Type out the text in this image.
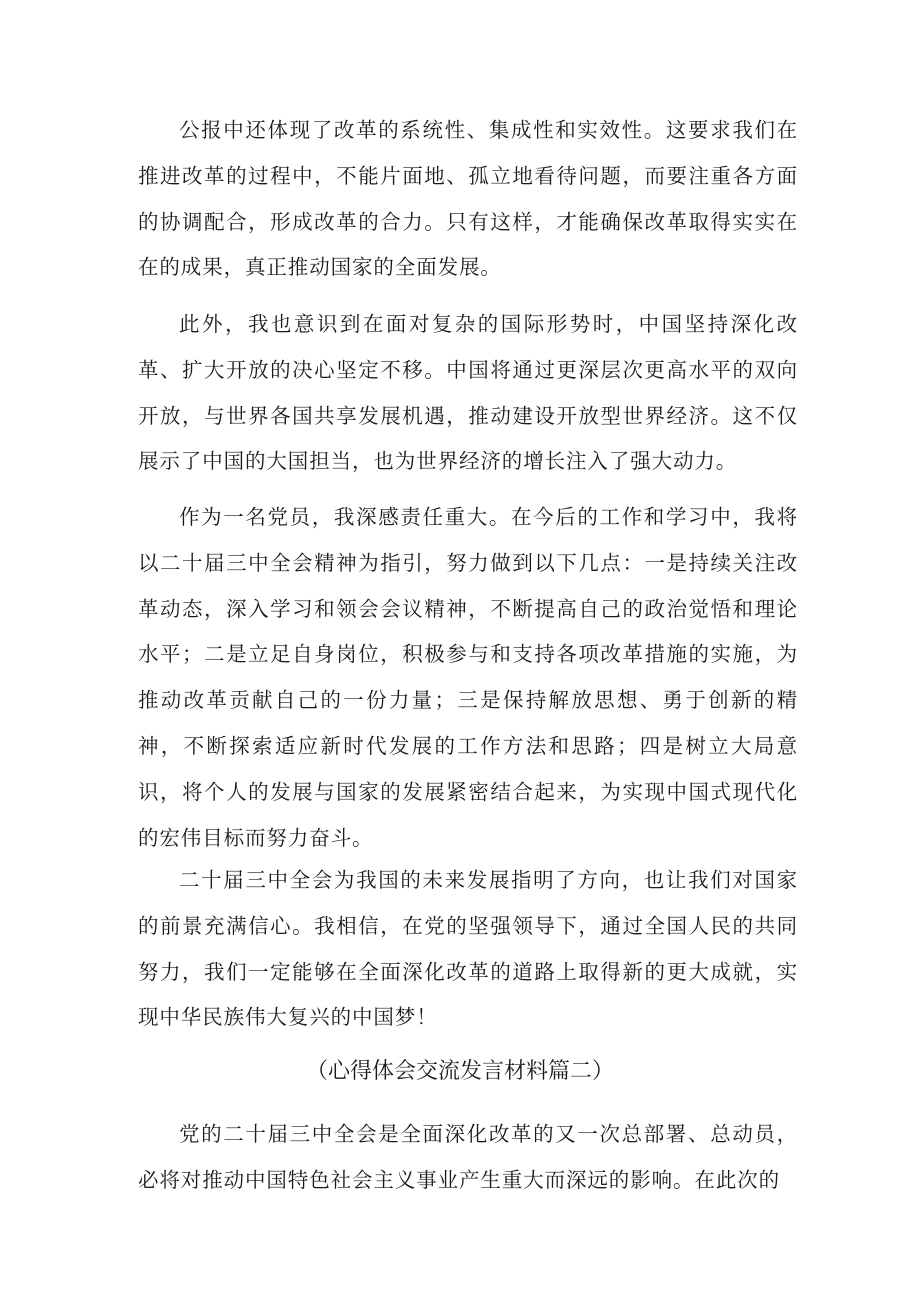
公报中还体现了改革的系统性、集成性和实效性。这要求我们在推进改革的过程中，不能片面地、孤立地看待问题，而要注重各方面的协调配合，形成改革的合力。只有这样，才能确保改革取得实实在在的成果，真正推动国家的全面发展。

此外，我也意识到在面对复杂的国际形势时，中国坚持深化改革、扩大开放的决心坚定不移。中国将通过更深层次更高水平的双向开放，与世界各国共享发展机遇，推动建设开放型世界经济。这不仅展示了中国的大国担当，也为世界经济的增长注入了强大动力。

作为一名党员，我深感责任重大。在今后的工作和学习中，我将以二十届三中全会精神为指引，努力做到以下几点：一是持续关注改革动态，深入学习和领会会议精神，不断提高自己的政治觉悟和理论水平；二是立足自身岗位，积极参与和支持各项改革措施的实施，为推动改革贡献自己的一份力量；三是保持解放思想、勇于创新的精神，不断探索适应新时代发展的工作方法和思路；四是树立大局意识，将个人的发展与国家的发展紧密结合起来，为实现中国式现代化的宏伟目标而努力奋斗。

二十届三中全会为我国的未来发展指明了方向，也让我们对国家的前景充满信心。我相信，在党的坚强领导下，通过全国人民的共同努力，我们一定能够在全面深化改革的道路上取得新的更大成就，实现中华民族伟大复兴的中国梦！

（心得体会交流发言材料篇二）

党的二十届三中全会是全面深化改革的又一次总部署、总动员，必将对推动中国特色社会主义事业产生重大而深远的影响。在此次的
